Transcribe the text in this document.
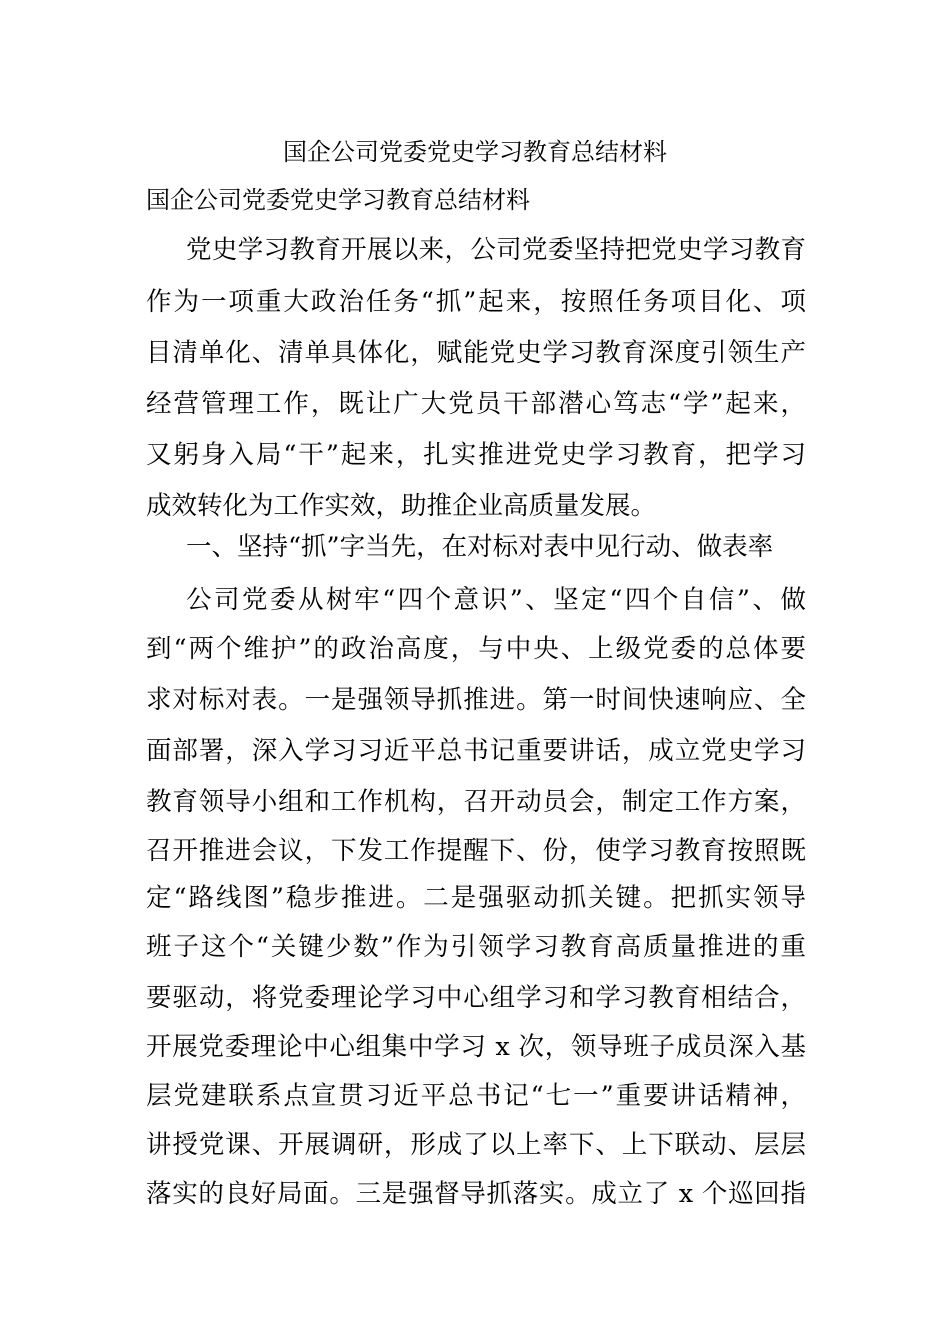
国企公司党委党史学习教育总结材料

国企公司党委党史学习教育总结材料

党史学习教育开展以来，公司党委坚持把党史学习教育

作为一项重大政治任务“抓”起来，按照任务项目化、项

目清单化、清单具体化，赋能党史学习教育深度引领生产

经营管理工作，既让广大党员干部潜心笃志“学”起来，

又躬身入局“干”起来，扎实推进党史学习教育，把学习

成效转化为工作实效，助推企业高质量发展。

一、坚持“抓”字当先，在对标对表中见行动、做表率

公司党委从树牢“四个意识”、坚定“四个自信”、做

到“两个维护”的政治高度，与中央、上级党委的总体要

求对标对表。一是强领导抓推进。第一时间快速响应、全

面部署，深入学习习近平总书记重要讲话，成立党史学习

教育领导小组和工作机构，召开动员会，制定工作方案，

召开推进会议，下发工作提醒下、份，使学习教育按照既

定“路线图”稳步推进。二是强驱动抓关键。把抓实领导

班子这个“关键少数”作为引领学习教育高质量推进的重

要驱动，将党委理论学习中心组学习和学习教育相结合，

开展党委理论中心组集中学习 x 次，领导班子成员深入基

层党建联系点宣贯习近平总书记“七一”重要讲话精神，

讲授党课、开展调研，形成了以上率下、上下联动、层层

落实的良好局面。三是强督导抓落实。成立了 x 个巡回指
